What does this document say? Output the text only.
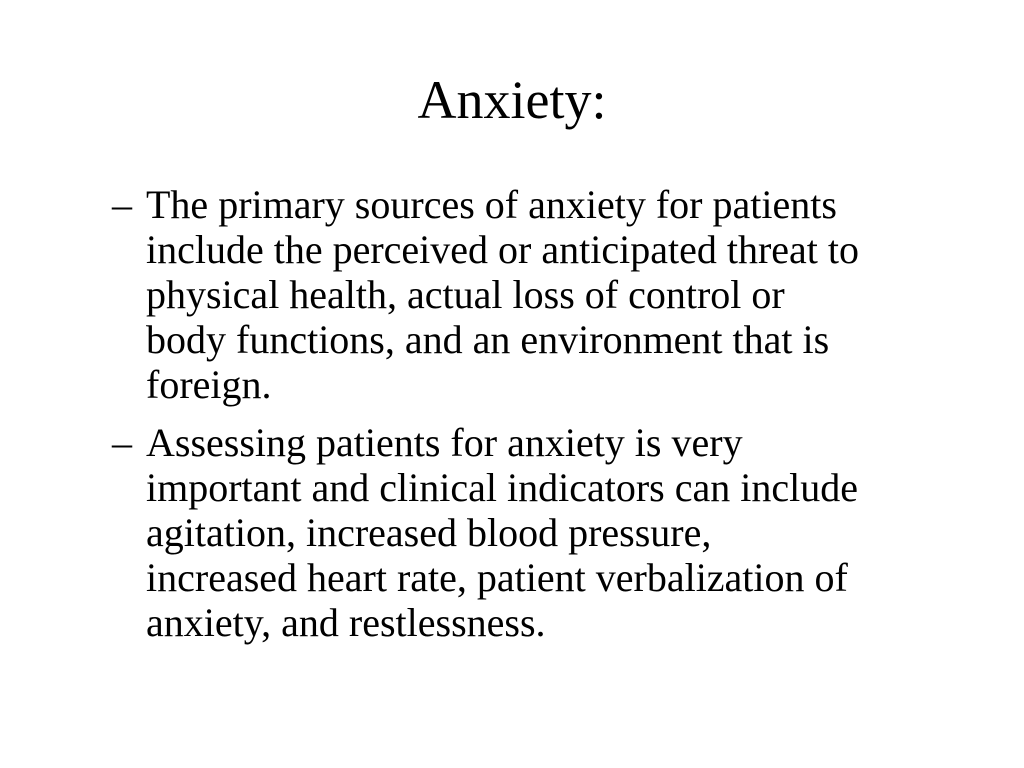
Anxiety:
– The primary sources of anxiety for patients
include the perceived or anticipated threat to
physical health, actual loss of control or
body functions, and an environment that is
foreign.
– Assessing patients for anxiety is very
important and clinical indicators can include
agitation, increased blood pressure,
increased heart rate, patient verbalization of
anxiety, and restlessness.
